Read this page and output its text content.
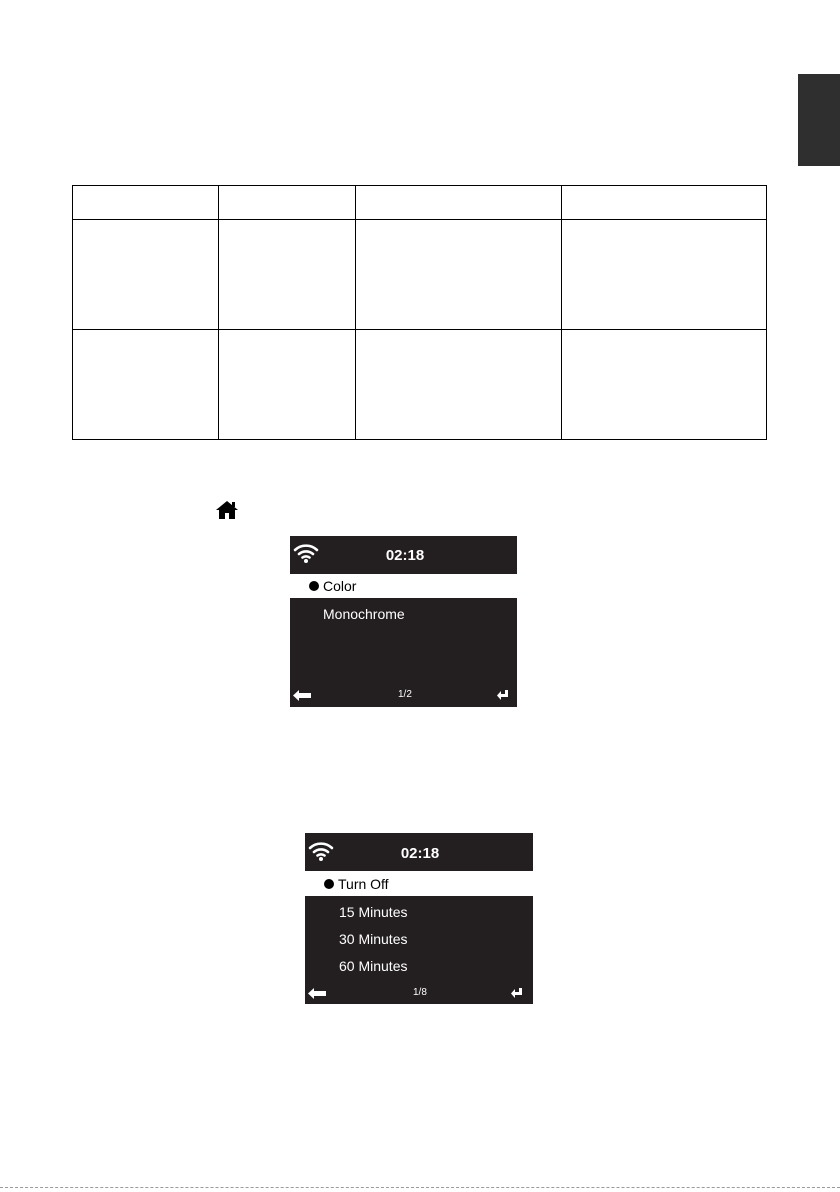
02:18
Color
Monochrome
1/2
02:18
Turn Off
15 Minutes
30 Minutes
60 Minutes
1/8
